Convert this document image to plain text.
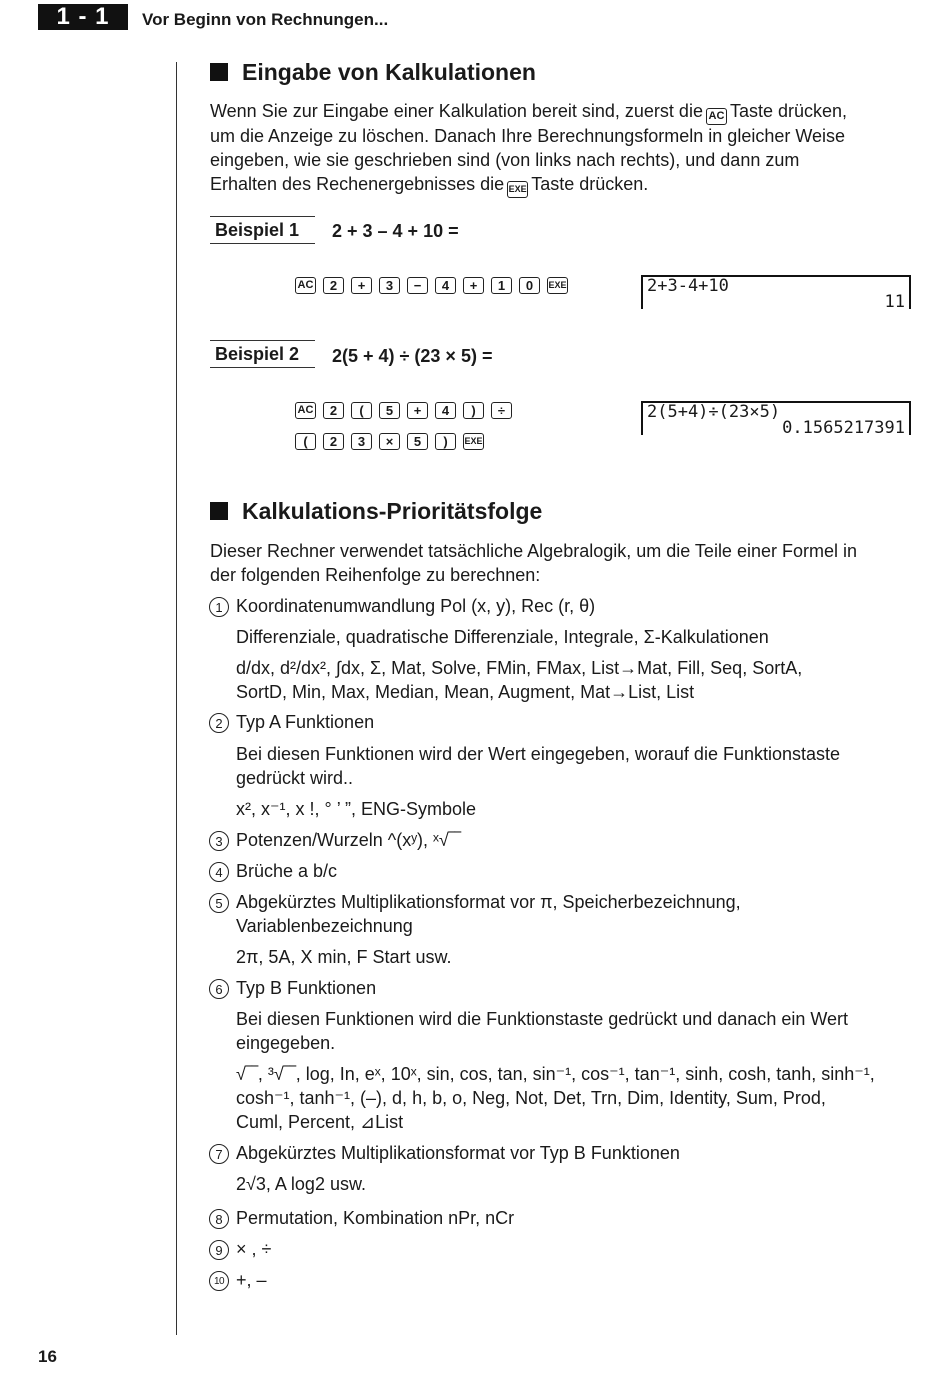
1 - 1	Vor Beginn von Rechnungen...
Eingabe von Kalkulationen
Wenn Sie zur Eingabe einer Kalkulation bereit sind, zuerst die AC Taste drücken,
um die Anzeige zu löschen. Danach Ihre Berechnungsformeln in gleicher Weise
eingeben, wie sie geschrieben sind (von links nach rechts), und dann zum
Erhalten des Rechenergebnisses die EXE Taste drücken.
Beispiel 1	2 + 3 – 4 + 10 =
AC	2	+	3	−	4	+	1	0	EXE	2+3-4+10
11
Beispiel 2	2(5 + 4) ÷ (23 × 5) =
AC	2	(	5	+	4	)	÷
(	2	3	×	5	)	EXE
2(5+4)÷(23×5)
0.1565217391
Kalkulations-Prioritätsfolge
Dieser Rechner verwendet tatsächliche Algebralogik, um die Teile einer Formel in
der folgenden Reihenfolge zu berechnen:
1 Koordinatenumwandlung Pol (x, y), Rec (r, θ)
Differenziale, quadratische Differenziale, Integrale, Σ-Kalkulationen
d/dx, d²/dx², ∫dx, Σ, Mat, Solve, FMin, FMax, List→Mat, Fill, Seq, SortA,
SortD, Min, Max, Median, Mean, Augment, Mat→List, List
2 Typ A Funktionen
Bei diesen Funktionen wird der Wert eingegeben, worauf die Funktionstaste
gedrückt wird..
x², x⁻¹, x !, ° ’ ”, ENG-Symbole
3 Potenzen/Wurzeln ^(xʸ), ˣ√‾‾
4 Brüche a b/c
5 Abgekürztes Multiplikationsformat vor π, Speicherbezeichnung,
Variablenbezeichnung
2π, 5A, X min, F Start usw.
6 Typ B Funktionen
Bei diesen Funktionen wird die Funktionstaste gedrückt und danach ein Wert
eingegeben.
√‾‾, ³√‾‾, log, In, eˣ, 10ˣ, sin, cos, tan, sin⁻¹, cos⁻¹, tan⁻¹, sinh, cosh, tanh, sinh⁻¹,
cosh⁻¹, tanh⁻¹, (–), d, h, b, o, Neg, Not, Det, Trn, Dim, Identity, Sum, Prod,
Cuml, Percent, ⊿List
7 Abgekürztes Multiplikationsformat vor Typ B Funktionen
2√3, A log2 usw.
8 Permutation, Kombination nPr, nCr
9 × , ÷
10 +, –
16
